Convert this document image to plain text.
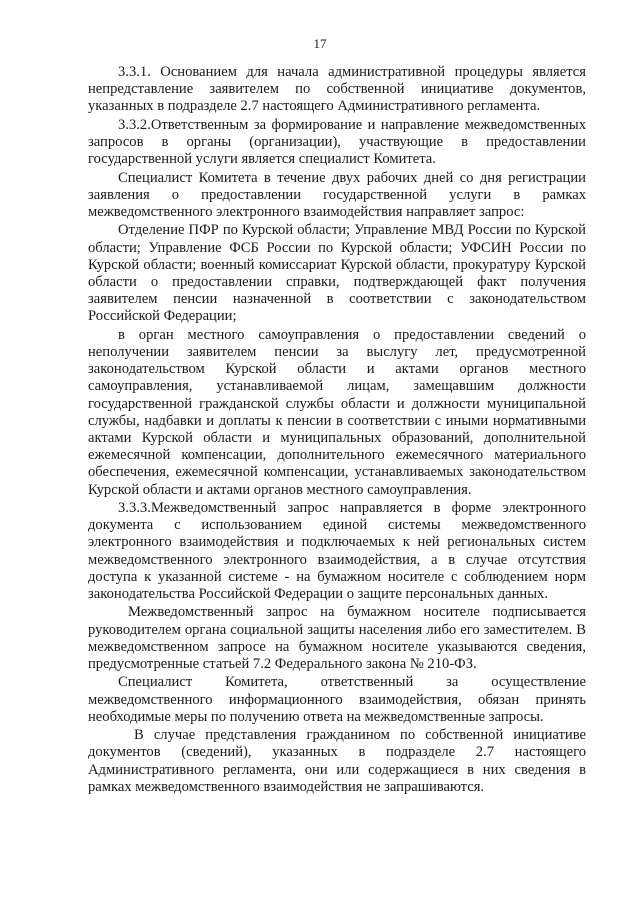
17

3.3.1. Основанием для начала административной процедуры является непредставление заявителем по собственной инициативе документов, указанных в подразделе 2.7 настоящего Административного регламента.

3.3.2.Ответственным за формирование и направление межведомственных запросов в органы (организации), участвующие в предоставлении государственной услуги является специалист Комитета.

Специалист Комитета в течение двух рабочих дней со дня регистрации заявления о предоставлении государственной услуги в рамках межведомственного электронного взаимодействия направляет запрос:

Отделение ПФР по Курской области; Управление МВД России по Курской области; Управление ФСБ России по Курской области; УФСИН России по Курской области; военный комиссариат Курской области, прокуратуру Курской области о предоставлении справки, подтверждающей факт получения заявителем пенсии назначенной в соответствии с законодательством Российской Федерации;

в орган местного самоуправления о предоставлении сведений о неполучении заявителем пенсии за выслугу лет, предусмотренной законодательством Курской области и актами органов местного самоуправления, устанавливаемой лицам, замещавшим должности государственной гражданской службы области и должности муниципальной службы, надбавки и доплаты к пенсии в соответствии с иными нормативными актами Курской области и муниципальных образований, дополнительной ежемесячной компенсации, дополнительного ежемесячного материального обеспечения, ежемесячной компенсации, устанавливаемых законодательством Курской области и актами органов местного самоуправления.

3.3.3.Межведомственный запрос направляется в форме электронного документа с использованием единой системы межведомственного электронного взаимодействия и подключаемых к ней региональных систем межведомственного электронного взаимодействия, а в случае отсутствия доступа к указанной системе - на бумажном носителе с соблюдением норм законодательства Российской Федерации о защите персональных данных.

Межведомственный запрос на бумажном носителе подписывается руководителем органа социальной защиты населения либо его заместителем. В межведомственном запросе на бумажном носителе указываются сведения, предусмотренные статьей 7.2 Федерального закона № 210-ФЗ.

Специалист Комитета, ответственный за осуществление межведомственного информационного взаимодействия, обязан принять необходимые меры по получению ответа на межведомственные запросы.

В случае представления гражданином по собственной инициативе документов (сведений), указанных в подразделе 2.7 настоящего Административного регламента, они или содержащиеся в них сведения в рамках межведомственного взаимодействия не запрашиваются.
